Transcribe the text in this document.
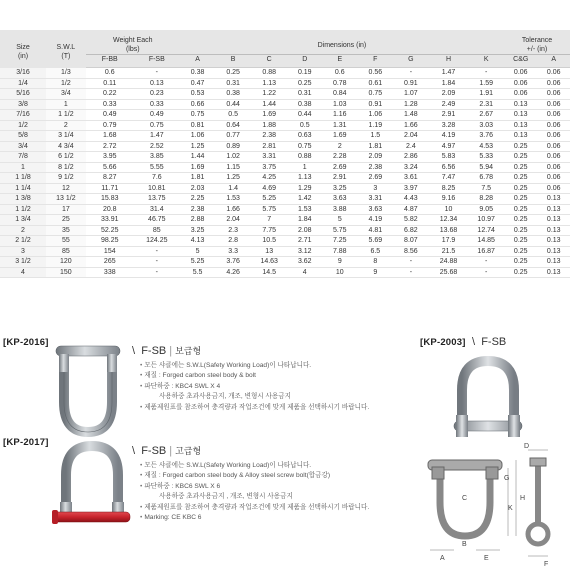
Size
(in)	S.W.L
(T)	Weight Each
(lbs)		Dimensions (in)									Tolerance
+/- (in)	
		F-BB	F-SB	A	B	C	D	E	F	G	H	K	C&G	A
3/16	1/3	0.6	-	0.38	0.25	0.88	0.19	0.6	0.56	-	1.47	-	0.06	0.06
1/4	1/2	0.11	0.13	0.47	0.31	1.13	0.25	0.78	0.61	0.91	1.84	1.59	0.06	0.06
5/16	3/4	0.22	0.23	0.53	0.38	1.22	0.31	0.84	0.75	1.07	2.09	1.91	0.06	0.06
3/8	1	0.33	0.33	0.66	0.44	1.44	0.38	1.03	0.91	1.28	2.49	2.31	0.13	0.06
7/16	1 1/2	0.49	0.49	0.75	0.5	1.69	0.44	1.16	1.06	1.48	2.91	2.67	0.13	0.06
1/2	2	0.79	0.75	0.81	0.64	1.88	0.5	1.31	1.19	1.66	3.28	3.03	0.13	0.06
5/8	3 1/4	1.68	1.47	1.06	0.77	2.38	0.63	1.69	1.5	2.04	4.19	3.76	0.13	0.06
3/4	4 3/4	2.72	2.52	1.25	0.89	2.81	0.75	2	1.81	2.4	4.97	4.53	0.25	0.06
7/8	6 1/2	3.95	3.85	1.44	1.02	3.31	0.88	2.28	2.09	2.86	5.83	5.33	0.25	0.06
1	8 1/2	5.66	5.55	1.69	1.15	3.75	1	2.69	2.38	3.24	6.56	5.94	0.25	0.06
1 1/8	9 1/2	8.27	7.6	1.81	1.25	4.25	1.13	2.91	2.69	3.61	7.47	6.78	0.25	0.06
1 1/4	12	11.71	10.81	2.03	1.4	4.69	1.29	3.25	3	3.97	8.25	7.5	0.25	0.06
1 3/8	13 1/2	15.83	13.75	2.25	1.53	5.25	1.42	3.63	3.31	4.43	9.16	8.28	0.25	0.13
1 1/2	17	20.8	31.4	2.38	1.66	5.75	1.53	3.88	3.63	4.87	10	9.05	0.25	0.13
1 3/4	25	33.91	46.75	2.88	2.04	7	1.84	5	4.19	5.82	12.34	10.97	0.25	0.13
2	35	52.25	85	3.25	2.3	7.75	2.08	5.75	4.81	6.82	13.68	12.74	0.25	0.13
2 1/2	55	98.25	124.25	4.13	2.8	10.5	2.71	7.25	5.69	8.07	17.9	14.85	0.25	0.13
3	85	154	-	5	3.3	13	3.12	7.88	6.5	8.56	21.5	16.87	0.25	0.13
3 1/2	120	265	-	5.25	3.76	14.63	3.62	9	8	-	24.88	-	0.25	0.13
4	150	338	-	5.5	4.26	14.5	4	10	9	-	25.68	-	0.25	0.13
[KP-2016]
\ F-SB | 보급형
• 모든 샤클에는 S.W.L(Safety Working Load)이 나타납니다.
• 재질 : Forged carbon steel body & bolt
• 파단하중 : KBC4 SWL X 4
사용하중 초과사용금지, 개조, 변형시 사용금지
• 제품제원표를 참조하여 충격량과 작업조건에 맞게 제품을 선택하시기 바랍니다.
[KP-2003] \ F-SB
[KP-2017]
\ F-SB | 고급형
• 모든 샤클에는 S.W.L(Safety Working Load)이 나타납니다.
• 재질 : Forged carbon steel body & Alloy steel screw bolt(합금강)
• 파단하중 : KBC6 SWL X 6
사용하중 초과사용금지 , 개조, 변형시 사용금지
• 제품제원표를 참조하여 충격량과 작업조건에 맞게 제품을 선택하시기 바랍니다.
• Marking: CE KBC 6
D
H
G
K
C
B
A	E
F
